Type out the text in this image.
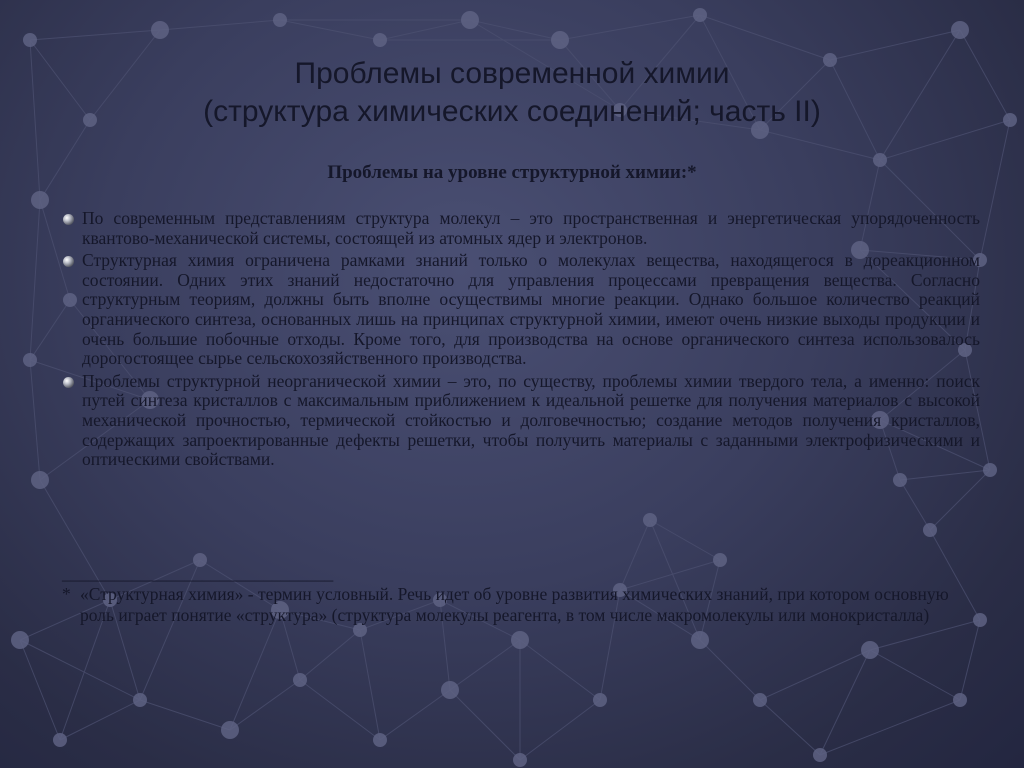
Проблемы современной химии
(структура химических соединений; часть II)
Проблемы на уровне структурной химии:*
По современным представлениям структура молекул – это пространственная и энергетическая упорядоченность квантово-механической системы, состоящей из атомных ядер и электронов.
Структурная химия ограничена рамками знаний только о молекулах вещества, находящегося в дореакционном состоянии. Одних этих знаний недостаточно для управления процессами превращения вещества. Согласно структурным теориям, должны быть вполне осуществимы многие реакции. Однако большое количество реакций органического синтеза, основанных лишь на принципах структурной химии, имеют очень низкие выходы продукции и очень большие побочные отходы. Кроме того, для производства на основе органического синтеза использовалось дорогостоящее сырье сельскохозяйственного производства.
Проблемы структурной неорганической химии – это, по существу, проблемы химии твердого тела, а именно: поиск путей синтеза кристаллов с максимальным приближением к идеальной решетке для получения материалов с высокой механической прочностью, термической стойкостью и долговечностью; создание методов получения кристаллов, содержащих запроектированные дефекты решетки, чтобы получить материалы с заданными электрофизическими и оптическими свойствами.
_______________________________
* «Структурная химия» - термин условный. Речь идет об уровне развития химических знаний, при котором основную роль играет понятие «структура» (структура молекулы реагента, в том числе макромолекулы или монокристалла)
